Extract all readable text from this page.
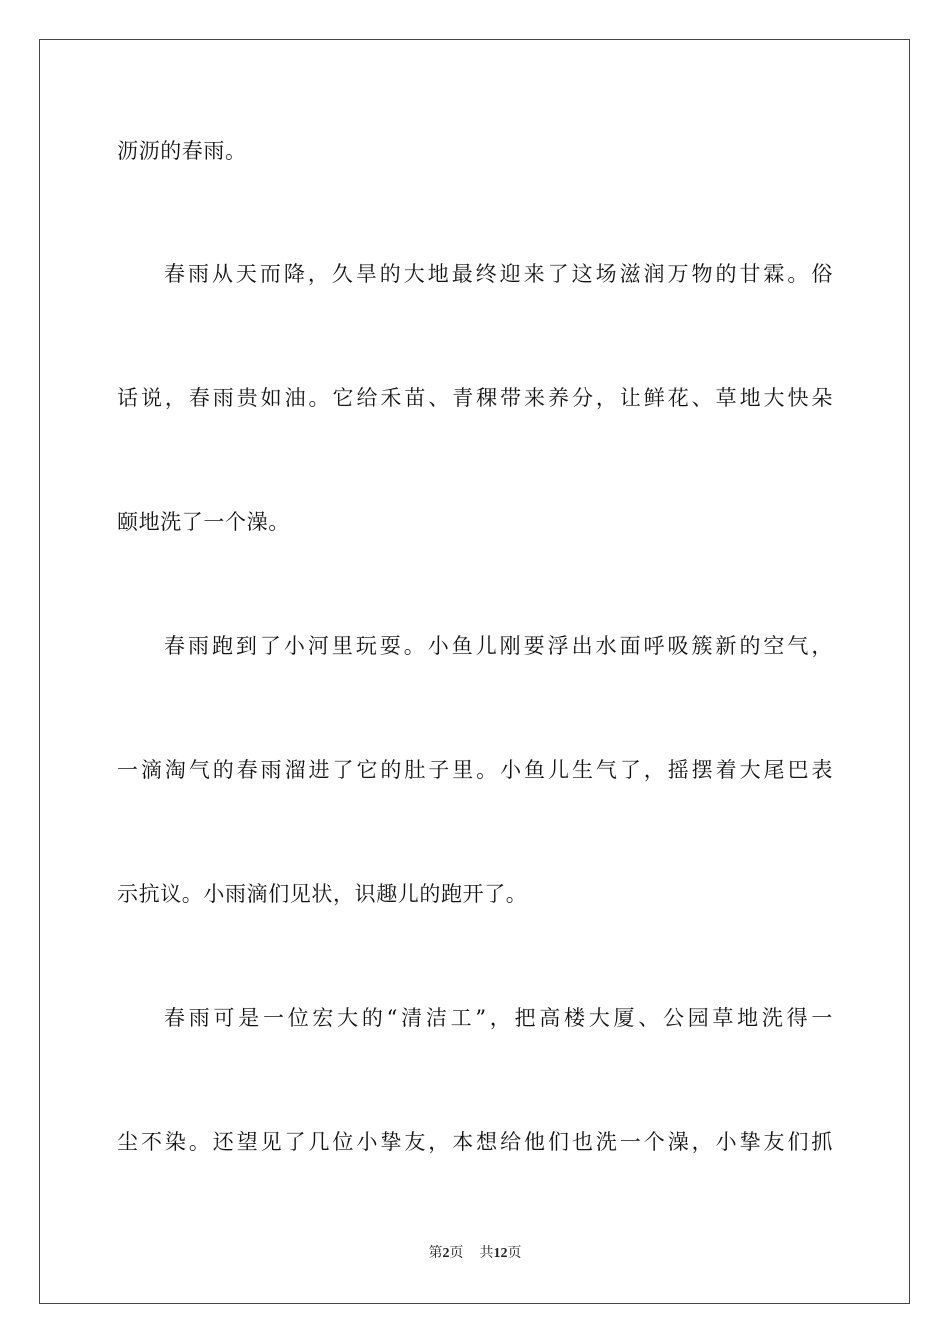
沥沥的春雨。
春雨从天而降，久旱的大地最终迎来了这场滋润万物的甘霖。俗
话说，春雨贵如油。它给禾苗、青稞带来养分，让鲜花、草地大快朵
颐地洗了一个澡。
春雨跑到了小河里玩耍。小鱼儿刚要浮出水面呼吸簇新的空气，
一滴淘气的春雨溜进了它的肚子里。小鱼儿生气了，摇摆着大尾巴表
示抗议。小雨滴们见状，识趣儿的跑开了。
春雨可是一位宏大的“清洁工”，把高楼大厦、公园草地洗得一
尘不染。还望见了几位小挚友，本想给他们也洗一个澡，小挚友们抓
第2页 共12页
